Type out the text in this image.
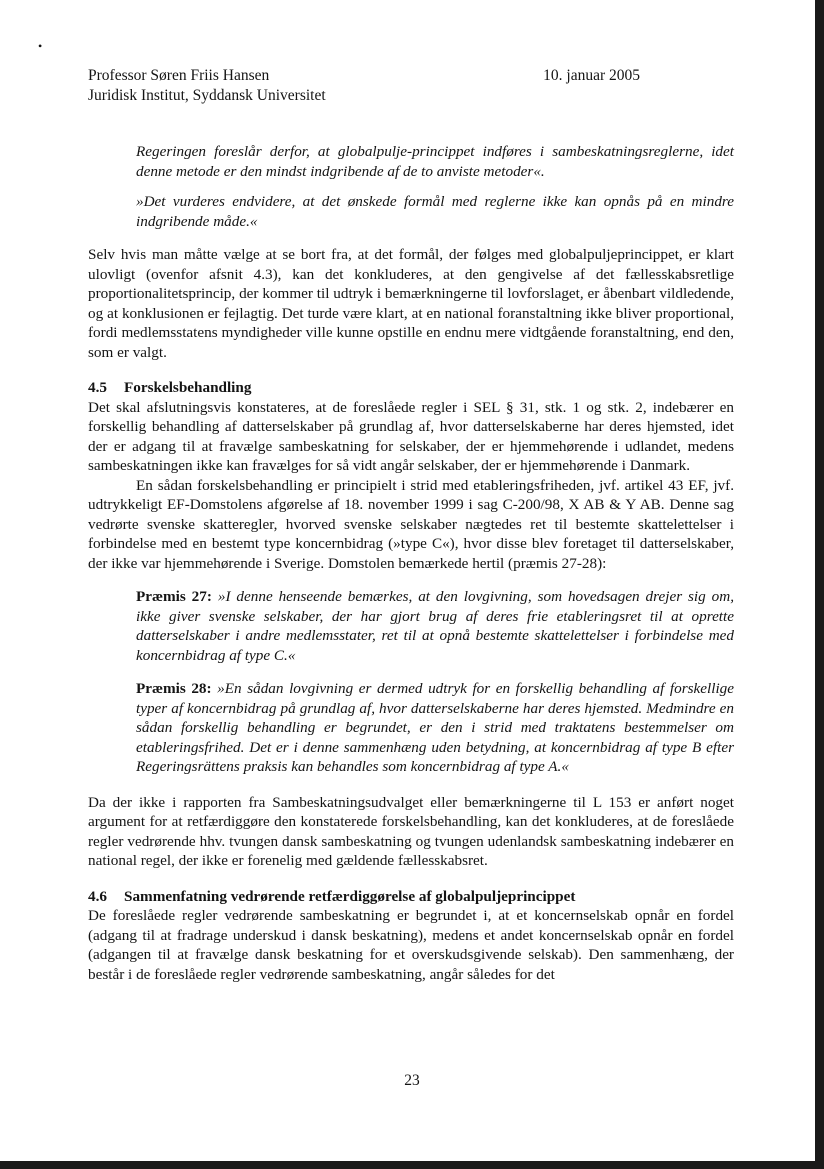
•
Professor Søren Friis Hansen
Juridisk Institut, Syddansk Universitet
10. januar 2005

Regeringen foreslår derfor, at globalpulje-princippet indføres i sambeskatningsreglerne, idet denne metode er den mindst indgribende af de to anviste metoder«.

»Det vurderes endvidere, at det ønskede formål med reglerne ikke kan opnås på en mindre indgribende måde.«

Selv hvis man måtte vælge at se bort fra, at det formål, der følges med globalpuljeprincippet, er klart ulovligt (ovenfor afsnit 4.3), kan det konkluderes, at den gengivelse af det fællesskabsretlige proportionalitetsprincip, der kommer til udtryk i bemærkningerne til lovforslaget, er åbenbart vildledende, og at konklusionen er fejlagtig. Det turde være klart, at en national foranstaltning ikke bliver proportional, fordi medlemsstatens myndigheder ville kunne opstille en endnu mere vidtgående foranstaltning, end den, som er valgt.

4.5 Forskelsbehandling

Det skal afslutningsvis konstateres, at de foreslåede regler i SEL § 31, stk. 1 og stk. 2, indebærer en forskellig behandling af datterselskaber på grundlag af, hvor datterselskaberne har deres hjemsted, idet der er adgang til at fravælge sambeskatning for selskaber, der er hjemmehørende i udlandet, medens sambeskatningen ikke kan fravælges for så vidt angår selskaber, der er hjemmehørende i Danmark.

En sådan forskelsbehandling er principielt i strid med etableringsfriheden, jvf. artikel 43 EF, jvf. udtrykkeligt EF-Domstolens afgørelse af 18. november 1999 i sag C-200/98, X AB & Y AB. Denne sag vedrørte svenske skatteregler, hvorved svenske selskaber nægtedes ret til bestemte skattelettelser i forbindelse med en bestemt type koncernbidrag (»type C«), hvor disse blev foretaget til datterselskaber, der ikke var hjemmehørende i Sverige. Domstolen bemærkede hertil (præmis 27-28):

Præmis 27: »I denne henseende bemærkes, at den lovgivning, som hovedsagen drejer sig om, ikke giver svenske selskaber, der har gjort brug af deres frie etableringsret til at oprette datterselskaber i andre medlemsstater, ret til at opnå bestemte skattelettelser i forbindelse med koncernbidrag af type C.«

Præmis 28: »En sådan lovgivning er dermed udtryk for en forskellig behandling af forskellige typer af koncernbidrag på grundlag af, hvor datterselskaberne har deres hjemsted. Medmindre en sådan forskellig behandling er begrundet, er den i strid med traktatens bestemmelser om etableringsfrihed. Det er i denne sammenhæng uden betydning, at koncernbidrag af type B efter Regeringsrättens praksis kan behandles som koncernbidrag af type A.«

Da der ikke i rapporten fra Sambeskatningsudvalget eller bemærkningerne til L 153 er anført noget argument for at retfærdiggøre den konstaterede forskelsbehandling, kan det konkluderes, at de foreslåede regler vedrørende hhv. tvungen dansk sambeskatning og tvungen udenlandsk sambeskatning indebærer en national regel, der ikke er forenelig med gældende fællesskabsret.

4.6 Sammenfatning vedrørende retfærdiggørelse af globalpuljeprincippet

De foreslåede regler vedrørende sambeskatning er begrundet i, at et koncernselskab opnår en fordel (adgang til at fradrage underskud i dansk beskatning), medens et andet koncernselskab opnår en fordel (adgangen til at fravælge dansk beskatning for et overskudsgivende selskab). Den sammenhæng, der består i de foreslåede regler vedrørende sambeskatning, angår således for det

23
